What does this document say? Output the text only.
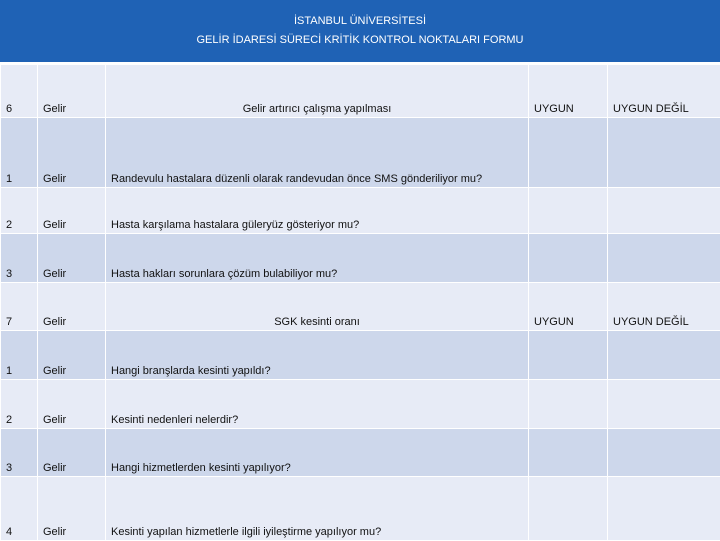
İSTANBUL ÜNİVERSİTESİ
GELİR İDARESİ SÜRECİ KRİTİK KONTROL NOKTALARI FORMU
6	Gelir	Gelir artırıcı çalışma yapılması	UYGUN	UYGUN DEĞİL
1	Gelir	Randevulu hastalara düzenli olarak randevudan önce SMS gönderiliyor mu?		
2	Gelir	Hasta karşılama hastalara güleryüz gösteriyor mu?		
3	Gelir	Hasta hakları sorunlara çözüm bulabiliyor mu?		
7	Gelir	SGK kesinti oranı	UYGUN	UYGUN DEĞİL
1	Gelir	Hangi branşlarda kesinti yapıldı?		
2	Gelir	Kesinti nedenleri nelerdir?		
3	Gelir	Hangi hizmetlerden kesinti yapılıyor?		
4	Gelir	Kesinti yapılan hizmetlerle ilgili iyileştirme yapılıyor mu?		
